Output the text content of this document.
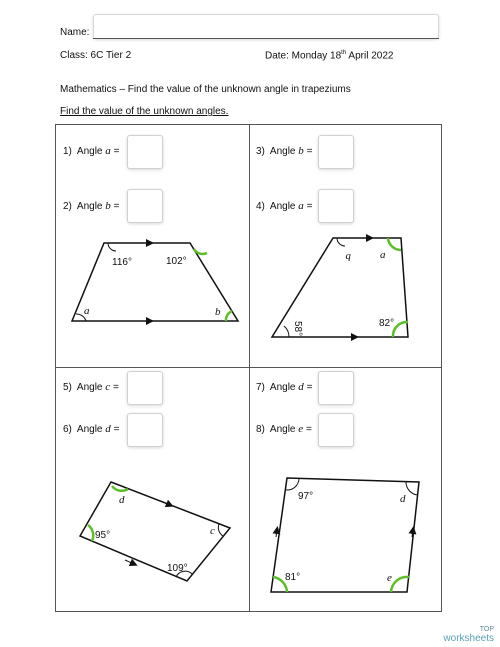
Name:
Class: 6C Tier 2	Date: Monday 18th April 2022
Mathematics – Find the value of the unknown angle in trapeziums
Find the value of the unknown angles.
1) Angle a =
2) Angle b =
3) Angle b =
4) Angle a =
5) Angle c =
6) Angle d =
7) Angle d =
8) Angle e =
116°	102°
a	b
b	a
58°	82°
d
95°	c
109°
97°	d
81°	e
TOP
worksheets
